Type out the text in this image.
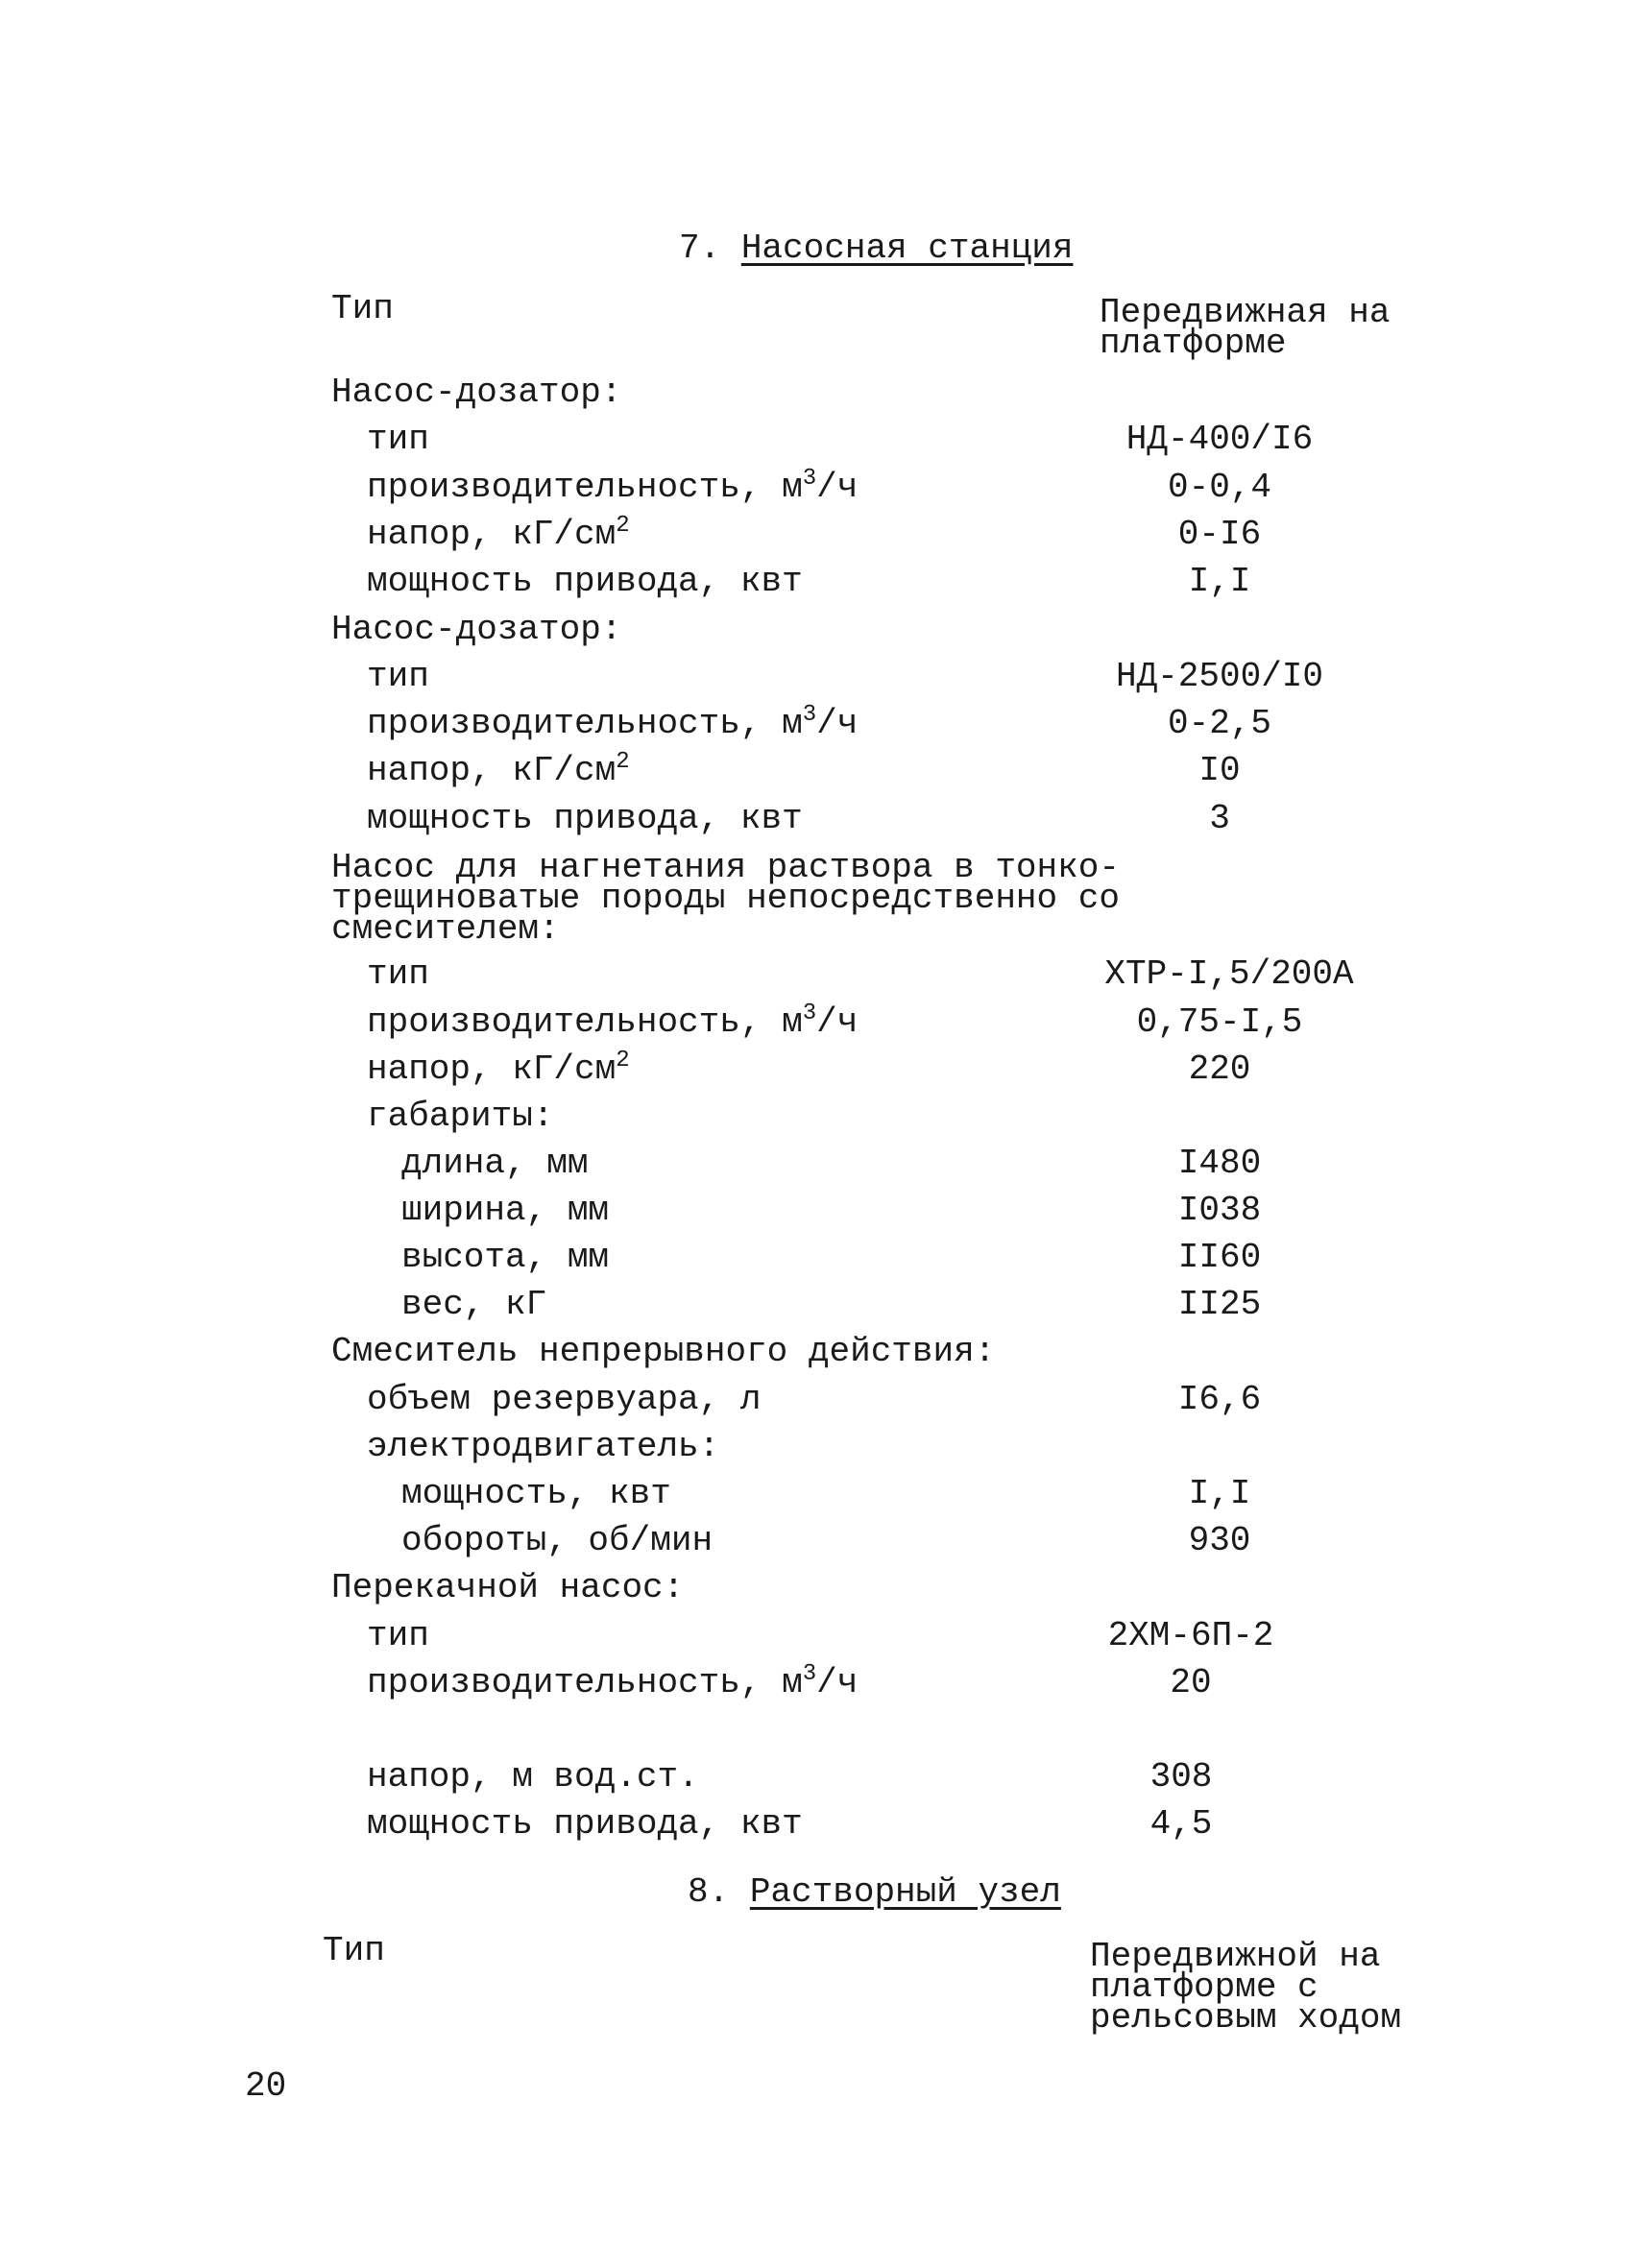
7. Насосная станция
Тип	Передвижная на
платформе
Насос-дозатор:
тип	НД-400/I6
производительность, $м^3/ч$	0-0,4
напор, $кГ/см^2$	0-I6
мощность привода, квт	I,I
Насос-дозатор:
тип	НД-2500/I0
производительность, $м^3/ч$	0-2,5
напор, $кГ/см^2$	I0
мощность привода, квт	3
Насос для нагнетания раствора в тонко-
трещиноватые породы непосредственно со
смесителем:
тип	ХТР-I,5/200А
производительность, $м^3/ч$	0,75-I,5
напор, $кГ/см^2$	220
габариты:
длина, мм	I480
ширина, мм	I038
высота, мм	II60
вес, кГ	II25
Смеситель непрерывного действия:
объем резервуара, л	I6,6
электродвигатель:
мощность, квт	I,I
обороты, об/мин	930
Перекачной насос:
тип	2ХМ-6П-2
производительность, $м^3/ч$	20
напор, м вод.ст.	308
мощность привода, квт	4,5
8. Растворный узел
Тип	Передвижной на
платформе с
рельсовым ходом
20
